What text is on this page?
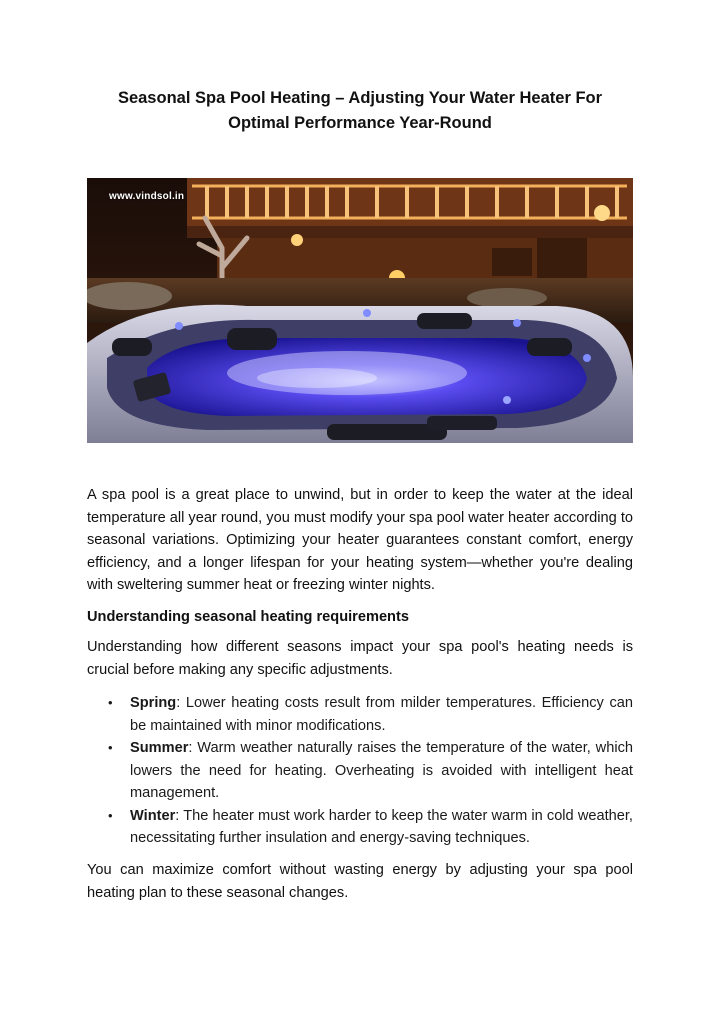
Seasonal Spa Pool Heating – Adjusting Your Water Heater For Optimal Performance Year-Round
www.vindsol.in
A spa pool is a great place to unwind, but in order to keep the water at the ideal temperature all year round, you must modify your spa pool water heater according to seasonal variations. Optimizing your heater guarantees constant comfort, energy efficiency, and a longer lifespan for your heating system—whether you're dealing with sweltering summer heat or freezing winter nights.
Understanding seasonal heating requirements
Understanding how different seasons impact your spa pool's heating needs is crucial before making any specific adjustments.
• Spring: Lower heating costs result from milder temperatures. Efficiency can be maintained with minor modifications.
• Summer: Warm weather naturally raises the temperature of the water, which lowers the need for heating. Overheating is avoided with intelligent heat management.
• Winter: The heater must work harder to keep the water warm in cold weather, necessitating further insulation and energy-saving techniques.
You can maximize comfort without wasting energy by adjusting your spa pool heating plan to these seasonal changes.
